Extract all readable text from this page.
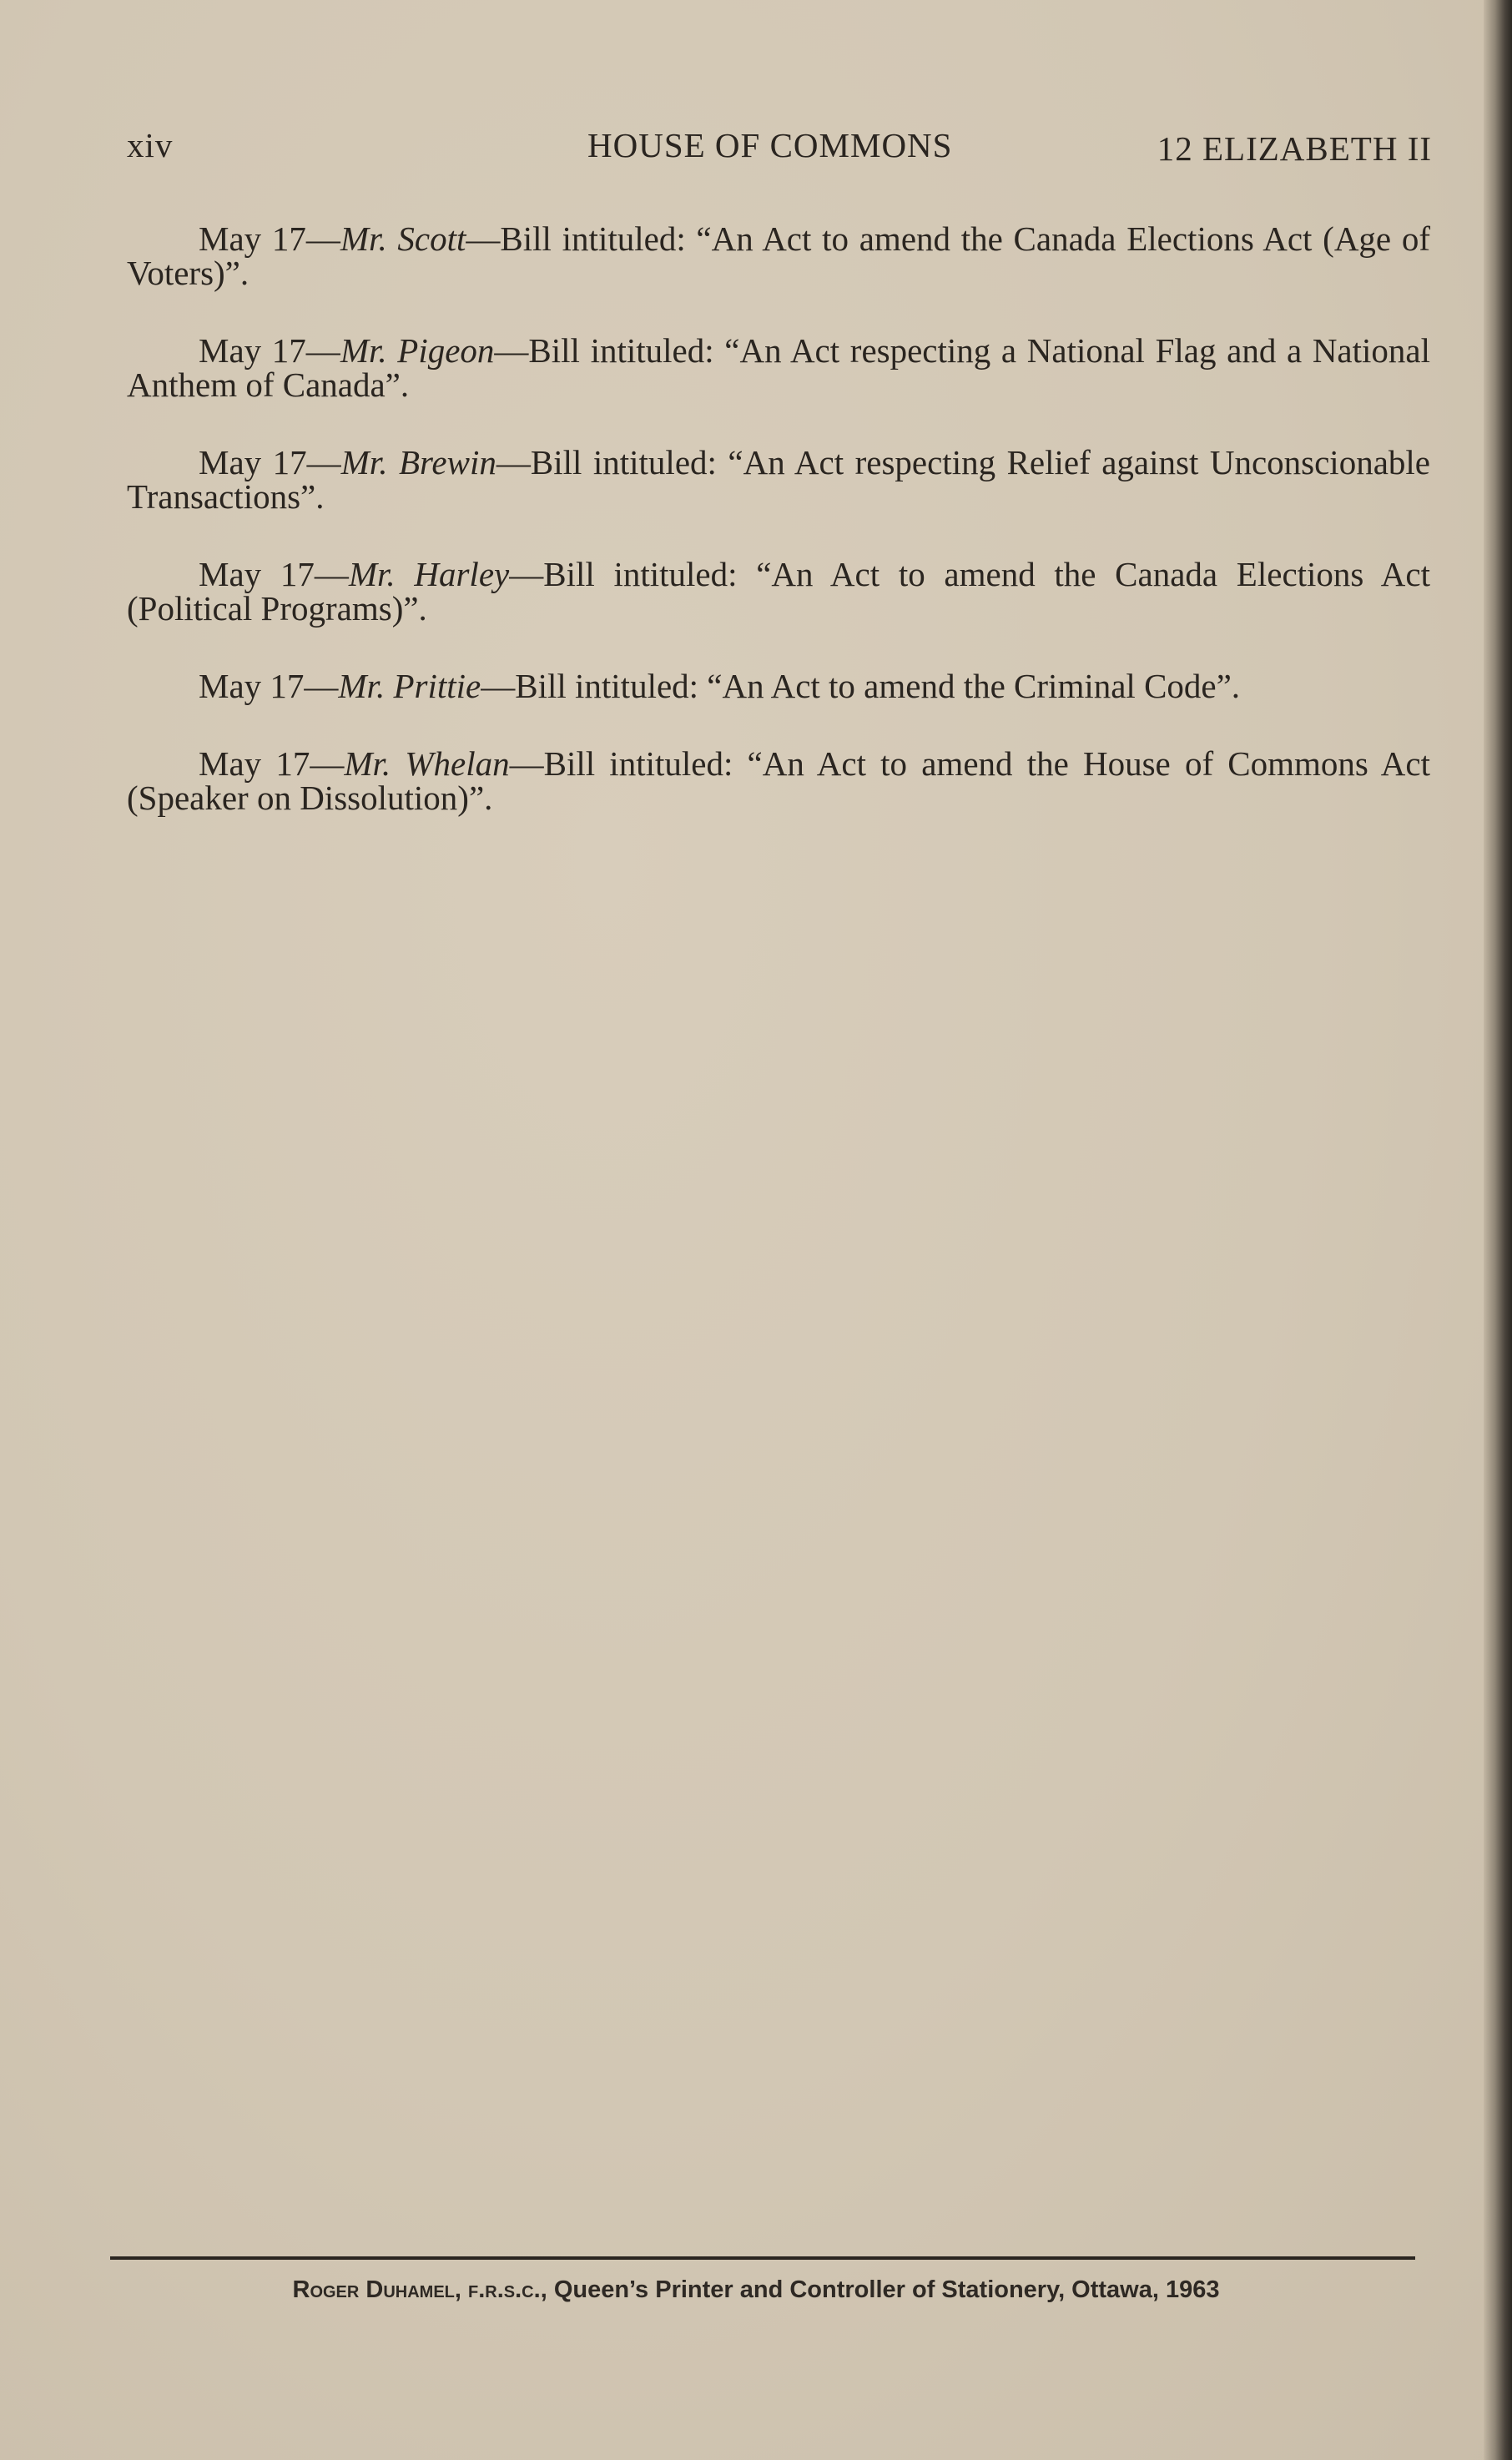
xiv	HOUSE OF COMMONS	12 ELIZABETH II

May 17—Mr. Scott—Bill intituled: “An Act to amend the Canada Elections Act (Age of Voters)”.

May 17—Mr. Pigeon—Bill intituled: “An Act respecting a National Flag and a National Anthem of Canada”.

May 17—Mr. Brewin—Bill intituled: “An Act respecting Relief against Unconscionable Transactions”.

May 17—Mr. Harley—Bill intituled: “An Act to amend the Canada Elections Act (Political Programs)”.

May 17—Mr. Prittie—Bill intituled: “An Act to amend the Criminal Code”.

May 17—Mr. Whelan—Bill intituled: “An Act to amend the House of Commons Act (Speaker on Dissolution)”.

Roger Duhamel, f.r.s.c., Queen’s Printer and Controller of Stationery, Ottawa, 1963
